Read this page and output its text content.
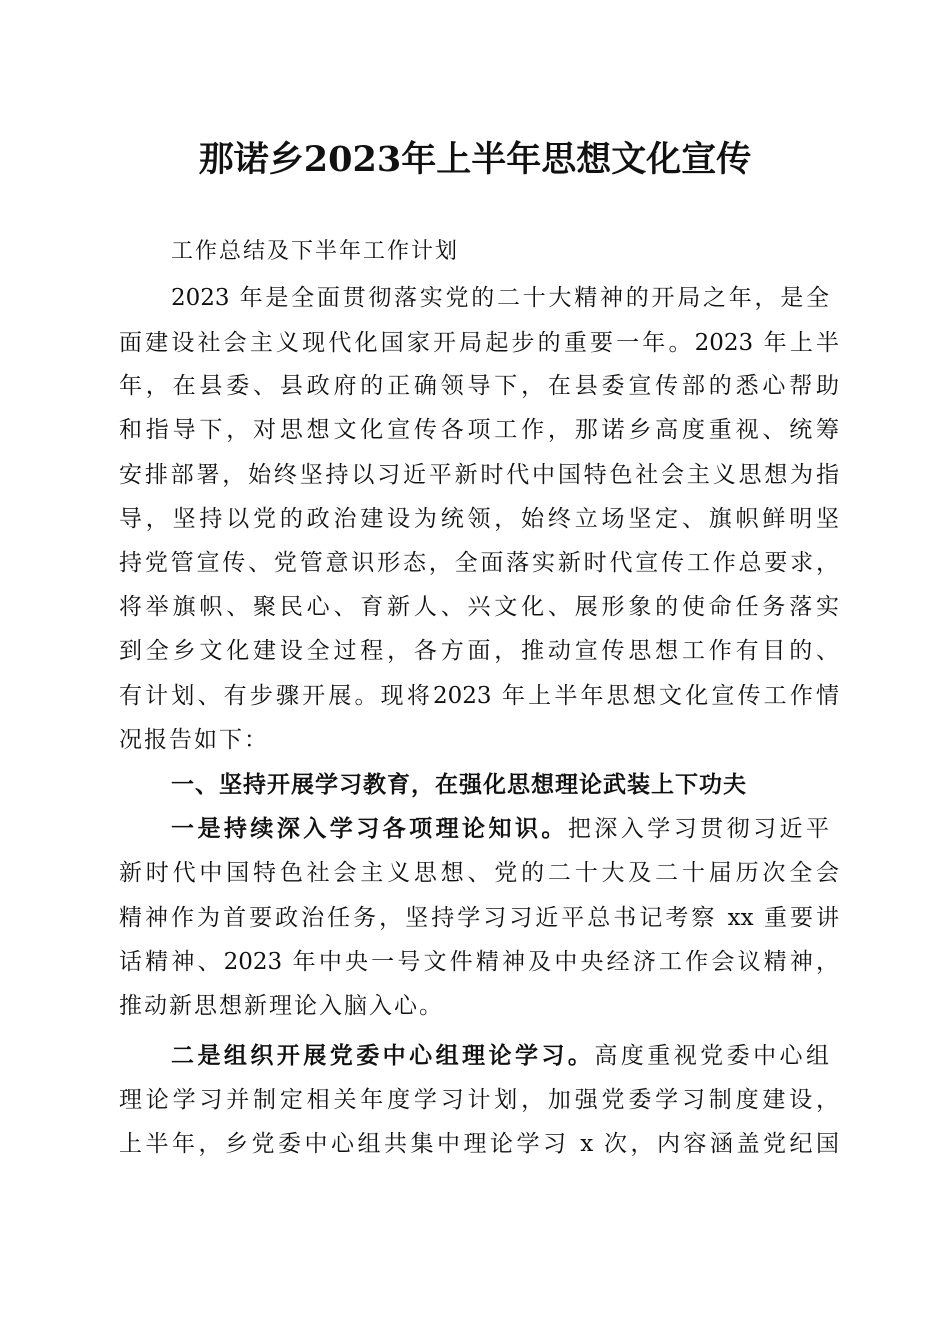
那诺乡2023年上半年思想文化宣传
工作总结及下半年工作计划
2023 年是全面贯彻落实党的二十大精神的开局之年，是全
面建设社会主义现代化国家开局起步的重要一年。2023 年上半
年，在县委、县政府的正确领导下，在县委宣传部的悉心帮助
和指导下，对思想文化宣传各项工作，那诺乡高度重视、统筹
安排部署，始终坚持以习近平新时代中国特色社会主义思想为指
导，坚持以党的政治建设为统领，始终立场坚定、旗帜鲜明坚
持党管宣传、党管意识形态，全面落实新时代宣传工作总要求，
将举旗帜、聚民心、育新人、兴文化、展形象的使命任务落实
到全乡文化建设全过程，各方面，推动宣传思想工作有目的、
有计划、有步骤开展。现将2023 年上半年思想文化宣传工作情
况报告如下：
一、坚持开展学习教育，在强化思想理论武装上下功夫
一是持续深入学习各项理论知识。把深入学习贯彻习近平
新时代中国特色社会主义思想、党的二十大及二十届历次全会
精神作为首要政治任务，坚持学习习近平总书记考察 xx 重要讲
话精神、2023 年中央一号文件精神及中央经济工作会议精神，
推动新思想新理论入脑入心。
二是组织开展党委中心组理论学习。高度重视党委中心组
理论学习并制定相关年度学习计划，加强党委学习制度建设，
上半年，乡党委中心组共集中理论学习 x 次，内容涵盖党纪国
